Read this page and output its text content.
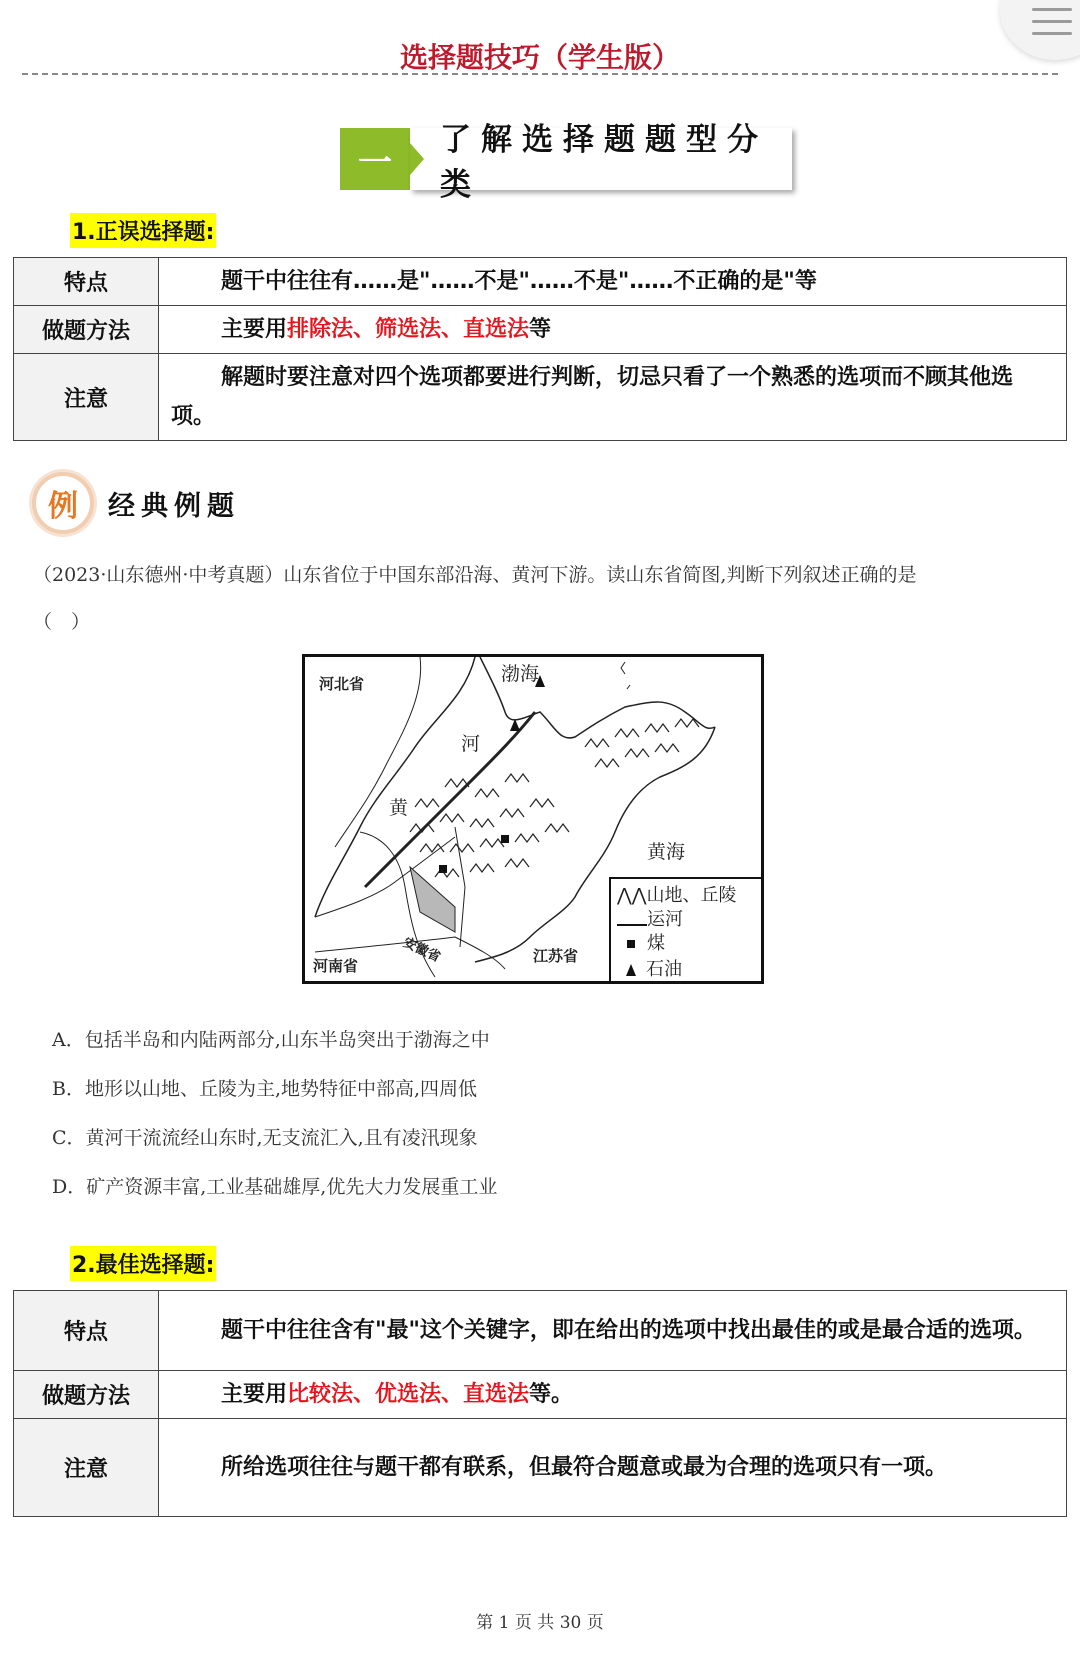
选择题技巧（学生版）
一
了解选择题题型分类
1.正误选择题:
特点	题干中往往有……是"……不是"……不是"……不正确的是"等
做题方法	主要用排除法、筛选法、直选法等
注意	解题时要注意对四个选项都要进行判断，切忌只看了一个熟悉的选项而不顾其他选项。
例	经典例题
（2023·山东德州·中考真题）山东省位于中国东部沿海、黄河下游。读山东省简图,判断下列叙述正确的是
（　）
河北省	渤海
河
黄
黄海
河南省
安徽省	江苏省
⋀⋀山地、丘陵
运河
煤
石油
A．包括半岛和内陆两部分,山东半岛突出于渤海之中
B．地形以山地、丘陵为主,地势特征中部高,四周低
C．黄河干流流经山东时,无支流汇入,且有凌汛现象
D．矿产资源丰富,工业基础雄厚,优先大力发展重工业
2.最佳选择题:
特点	题干中往往含有"最"这个关键字，即在给出的选项中找出最佳的或是最合适的选项。
做题方法	主要用比较法、优选法、直选法等。
注意	所给选项往往与题干都有联系，但最符合题意或最为合理的选项只有一项。
第 1 页 共 30 页
